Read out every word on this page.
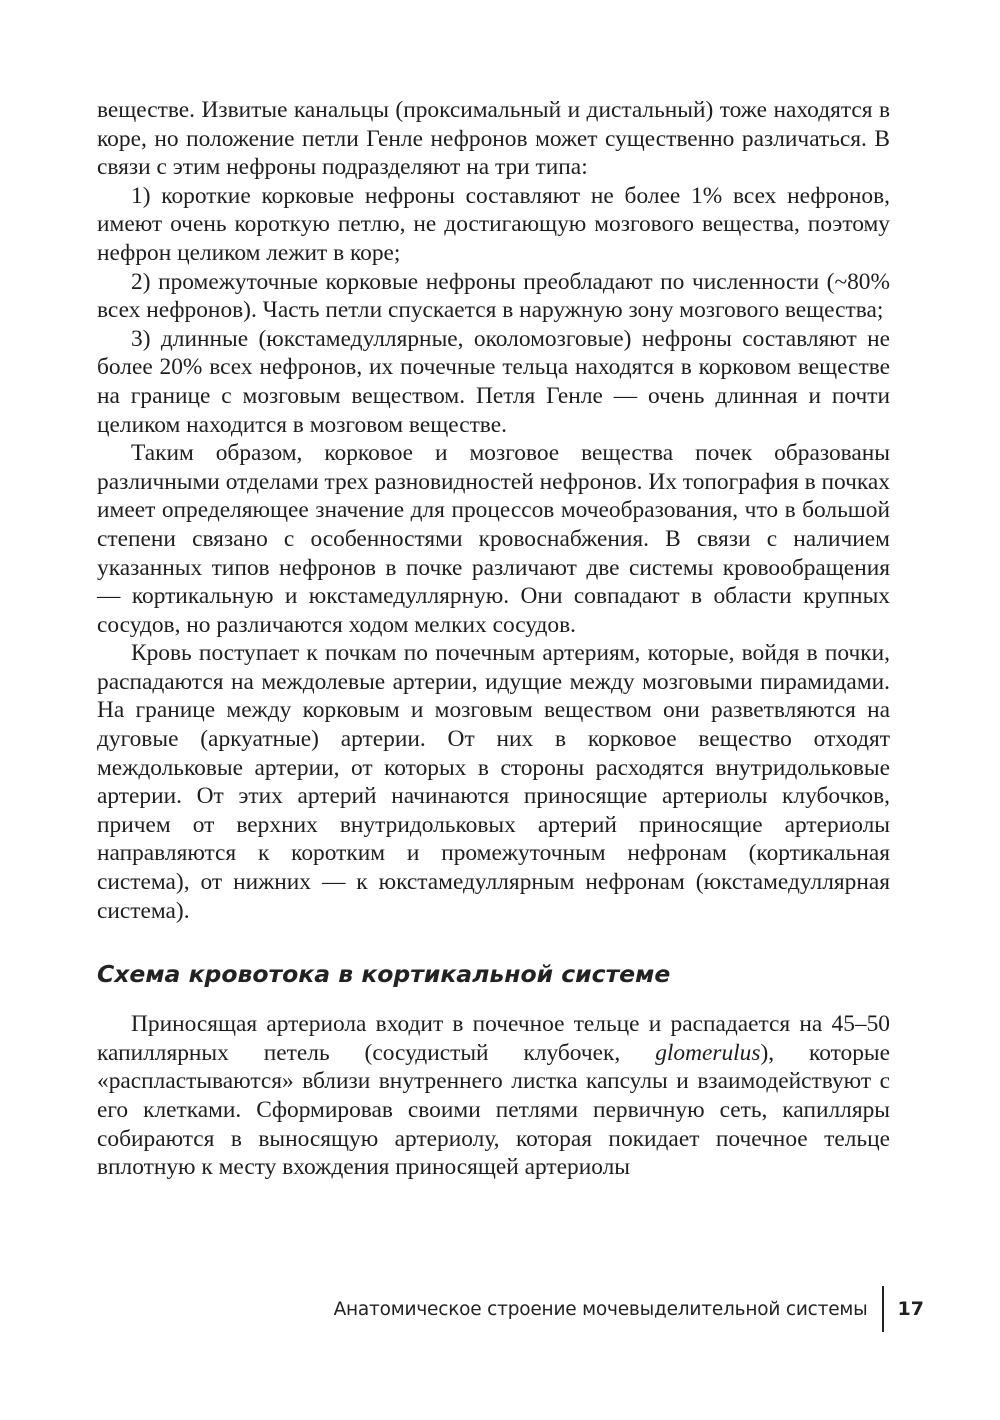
веществе. Извитые канальцы (проксимальный и дистальный) тоже находятся в коре, но положение петли Генле нефронов может существенно различаться. В связи с этим нефроны подразделяют на три типа:

1) короткие корковые нефроны составляют не более 1% всех нефронов, имеют очень короткую петлю, не достигающую мозгового вещества, поэтому нефрон целиком лежит в коре;

2) промежуточные корковые нефроны преобладают по численности (~80% всех нефронов). Часть петли спускается в наружную зону мозгового вещества;

3) длинные (юкстамедуллярные, околомозговые) нефроны составляют не более 20% всех нефронов, их почечные тельца находятся в корковом веществе на границе с мозговым веществом. Петля Генле — очень длинная и почти целиком находится в мозговом веществе.

Таким образом, корковое и мозговое вещества почек образованы различными отделами трех разновидностей нефронов. Их топография в почках имеет определяющее значение для процессов мочеобразования, что в большой степени связано с особенностями кровоснабжения. В связи с наличием указанных типов нефронов в почке различают две системы кровообращения — кортикальную и юкстамедуллярную. Они совпадают в области крупных сосудов, но различаются ходом мелких сосудов.

Кровь поступает к почкам по почечным артериям, которые, войдя в почки, распадаются на междолевые артерии, идущие между мозговыми пирамидами. На границе между корковым и мозговым веществом они разветвляются на дуговые (аркуатные) артерии. От них в корковое вещество отходят междольковые артерии, от которых в стороны расходятся внутридольковые артерии. От этих артерий начинаются приносящие артериолы клубочков, причем от верхних внутридольковых артерий приносящие артериолы направляются к коротким и промежуточным нефронам (кортикальная система), от нижних — к юкстамедуллярным нефронам (юкстамедуллярная система).

Схема кровотока в кортикальной системе

Приносящая артериола входит в почечное тельце и распадается на 45–50 капиллярных петель (сосудистый клубочек, glomerulus), которые «распластываются» вблизи внутреннего листка капсулы и взаимодействуют с его клетками. Сформировав своими петлями первичную сеть, капилляры собираются в выносящую артериолу, которая покидает почечное тельце вплотную к месту вхождения приносящей артериолы

Анатомическое строение мочевыделительной системы	17
